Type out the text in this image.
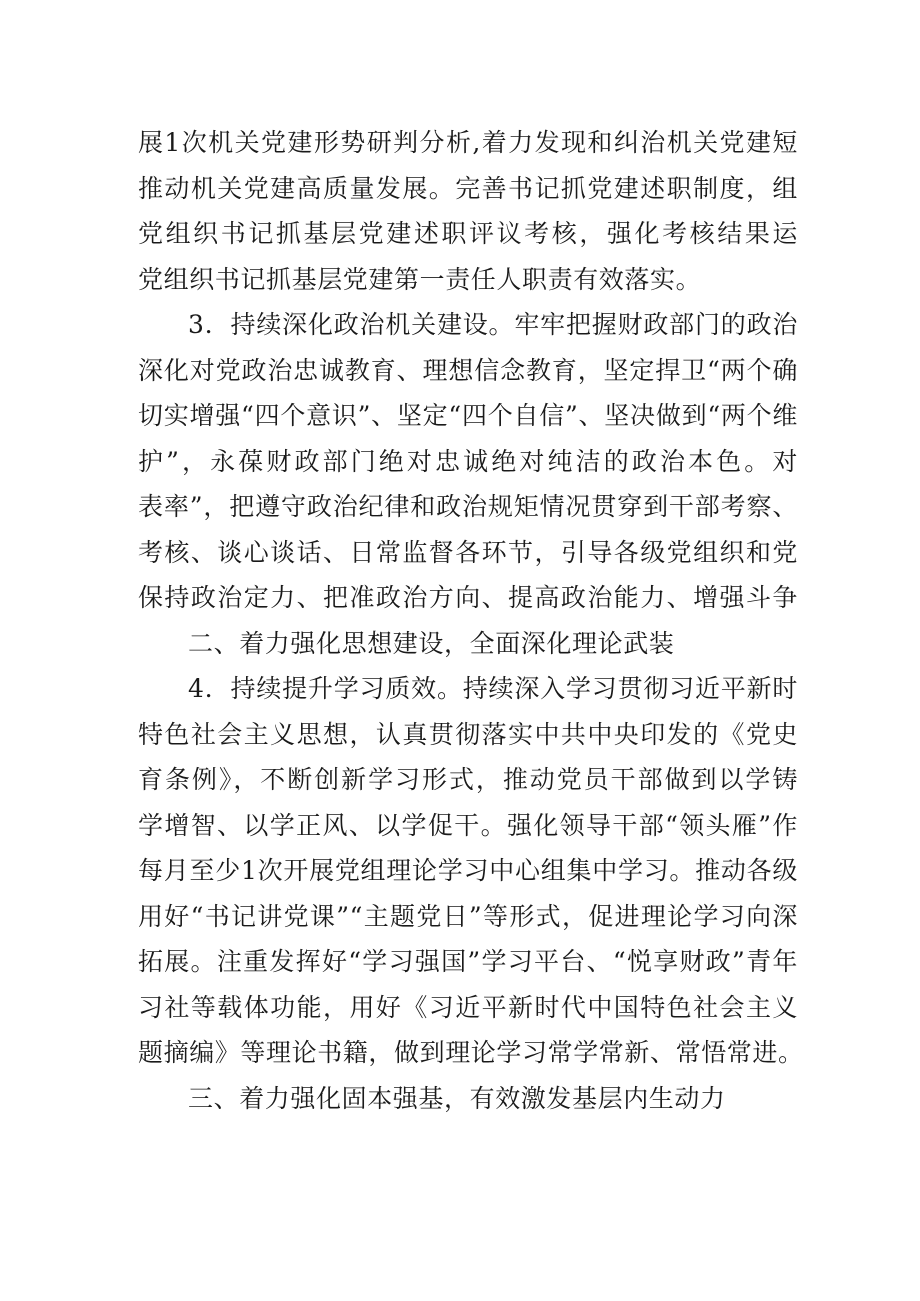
展1次机关党建形势研判分析,着力发现和纠治机关党建短
推动机关党建高质量发展。完善书记抓党建述职制度，组
党组织书记抓基层党建述职评议考核，强化考核结果运
党组织书记抓基层党建第一责任人职责有效落实。
3．持续深化政治机关建设。牢牢把握财政部门的政治
深化对党政治忠诚教育、理想信念教育，坚定捍卫“两个确
切实增强“四个意识”、坚定“四个自信”、坚决做到“两个维
护”，永葆财政部门绝对忠诚绝对纯洁的政治本色。对
表率”，把遵守政治纪律和政治规矩情况贯穿到干部考察、
考核、谈心谈话、日常监督各环节，引导各级党组织和党
保持政治定力、把准政治方向、提高政治能力、增强斗争
二、着力强化思想建设，全面深化理论武装
4．持续提升学习质效。持续深入学习贯彻习近平新时
特色社会主义思想，认真贯彻落实中共中央印发的《党史
育条例》，不断创新学习形式，推动党员干部做到以学铸
学增智、以学正风、以学促干。强化领导干部“领头雁”作
每月至少1次开展党组理论学习中心组集中学习。推动各级
用好“书记讲党课”“主题党日”等形式，促进理论学习向深
拓展。注重发挥好“学习强国”学习平台、“悦享财政”青年
习社等载体功能，用好《习近平新时代中国特色社会主义
题摘编》等理论书籍，做到理论学习常学常新、常悟常进。
三、着力强化固本强基，有效激发基层内生动力
